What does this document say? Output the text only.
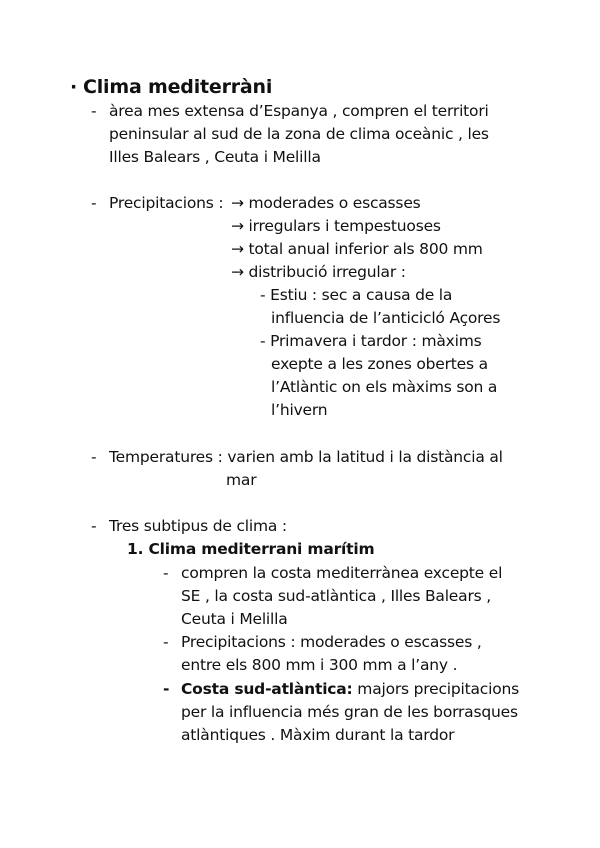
· Clima mediterràni
- àrea mes extensa d’Espanya , compren el territori
peninsular al sud de la zona de clima oceànic , les
Illes Balears , Ceuta i Melilla
- Precipitacions : → moderades o escasses
→ irregulars i tempestuoses
→ total anual inferior als 800 mm
→ distribució irregular :
- Estiu : sec a causa de la
influencia de l’anticicló Açores
- Primavera i tardor : màxims
exepte a les zones obertes a
l’Atlàntic on els màxims son a
l’hivern
- Temperatures : varien amb la latitud i la distància al
mar
- Tres subtipus de clima :
1. Clima mediterrani marítim
- compren la costa mediterrànea excepte el
SE , la costa sud-atlàntica , Illes Balears ,
Ceuta i Melilla
- Precipitacions : moderades o escasses ,
entre els 800 mm i 300 mm a l’any .
- Costa sud-atlàntica: majors precipitacions
per la influencia més gran de les borrasques
atlàntiques . Màxim durant la tardor
